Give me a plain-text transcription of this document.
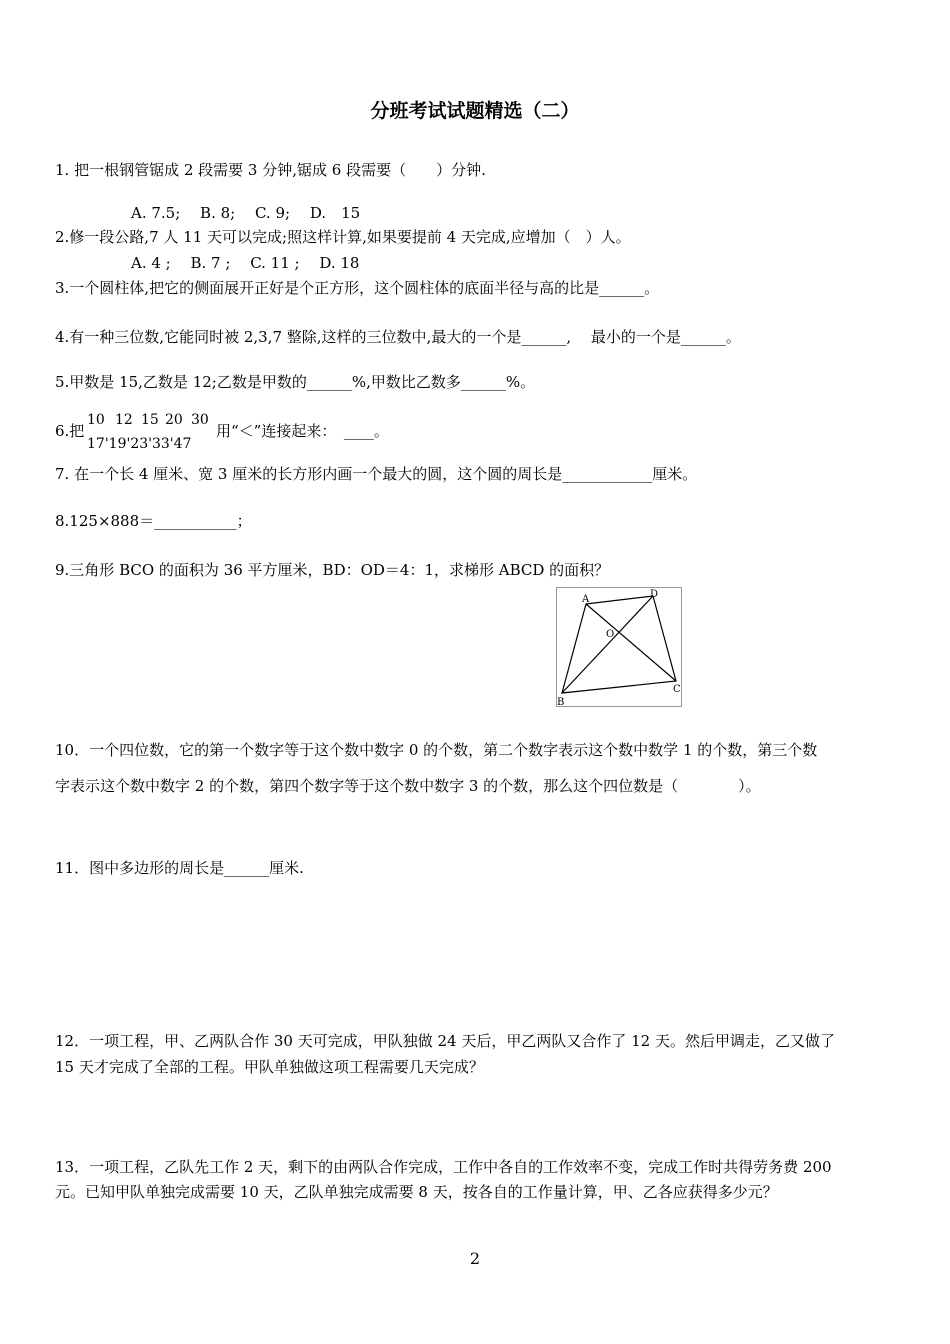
分班考试试题精选（二）
1. 把一根钢管锯成 2 段需要 3 分钟,锯成 6 段需要（　　）分钟.
A. 7.5;　 B. 8;　 C. 9;　 D.　15
2.修一段公路,7 人 11 天可以完成;照这样计算,如果要提前 4 天完成,应增加（　）人。
A. 4 ;　 B. 7 ;　 C. 11 ;　 D. 18
3.一个圆柱体,把它的侧面展开正好是个正方形，这个圆柱体的底面半径与高的比是______。
4.有一种三位数,它能同时被 2,3,7 整除,这样的三位数中,最大的一个是______,　 最小的一个是______。
5.甲数是 15,乙数是 12;乙数是甲数的______%,甲数比乙数多______%。
6.把
10 12 15 20 30
17'19'23'33'47
用“＜”连接起来：　____。
7. 在一个长 4 厘米、宽 3 厘米的长方形内画一个最大的圆，这个圆的周长是____________厘米。
8.125×888＝___________；
9.三角形 BCO 的面积为 36 平方厘米，BD：OD＝4：1，求梯形 ABCD 的面积？
A	D
O
C
B
10．一个四位数，它的第一个数字等于这个数中数字 0 的个数，第二个数字表示这个数中数学 1 的个数，第三个数
字表示这个数中数字 2 的个数，第四个数字等于这个数中数字 3 的个数，那么这个四位数是（　　　　）。
11．图中多边形的周长是______厘米.
12．一项工程，甲、乙两队合作 30 天可完成，甲队独做 24 天后，甲乙两队又合作了 12 天。然后甲调走，乙又做了
15 天才完成了全部的工程。甲队单独做这项工程需要几天完成？
13．一项工程，乙队先工作 2 天，剩下的由两队合作完成，工作中各自的工作效率不变，完成工作时共得劳务费 200
元。已知甲队单独完成需要 10 天，乙队单独完成需要 8 天，按各自的工作量计算，甲、乙各应获得多少元？
2
